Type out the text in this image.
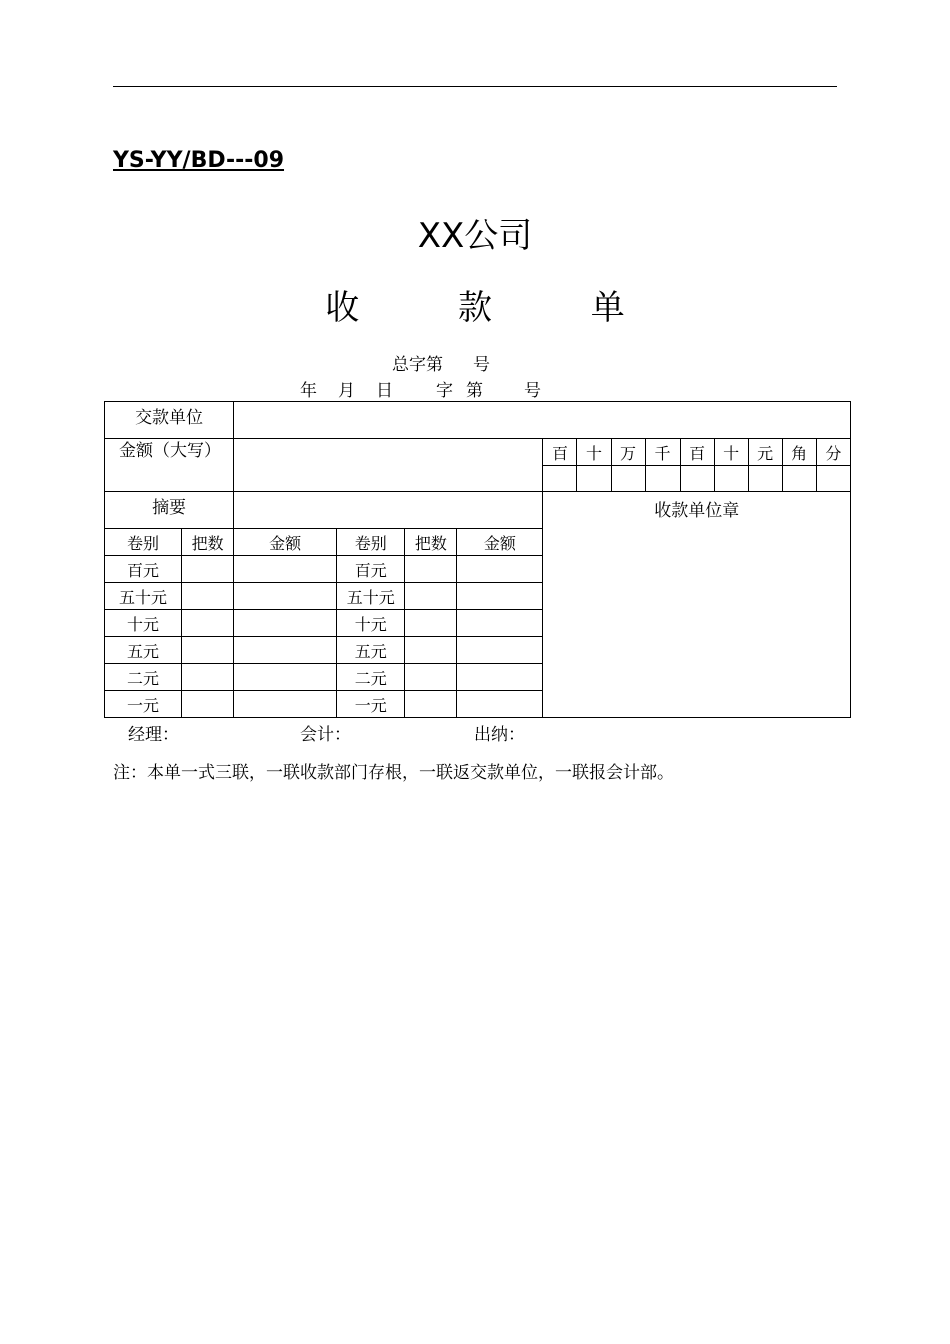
YS-YY/BD---09
XX公司
收 款 单
总字第 号
年 月 日	字 第 号
交款单位														
金额（大写）						百	十	万	千	百	十	元	角	分

摘要						收款单位章								
卷别	把数	金额	卷别	把数	金额									
百元			百元											
五十元			五十元											
十元			十元											
五元			五元											
二元			二元											
一元			一元											
经理：	会计：	出纳：
注：本单一式三联，一联收款部门存根，一联返交款单位，一联报会计部。
